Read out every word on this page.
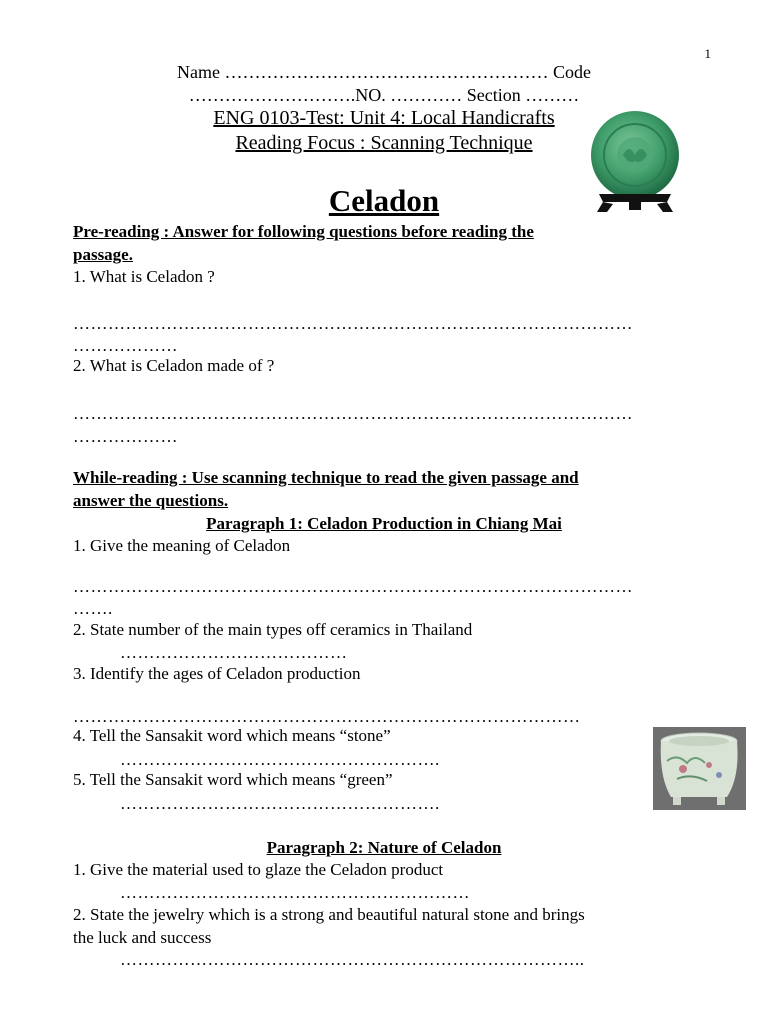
1
Name ……………………………………………… Code
……………………….NO. ………… Section ………
ENG 0103-Test: Unit 4: Local Handicrafts
Reading Focus : Scanning Technique
Celadon
Pre-reading : Answer for following questions before reading the
passage.
1. What is Celadon ?
……………………………………………………………………………………
………………
2. What is Celadon made of ?
……………………………………………………………………………………
………………
While-reading : Use scanning technique to read the given passage and
answer the questions.
Paragraph 1: Celadon Production in Chiang Mai
1. Give the meaning of Celadon
……………………………………………………………………………………
…….
2. State number of the main types off ceramics in Thailand
…………………………………
3. Identify the ages of Celadon production
……………………………………………………………………………
4. Tell the Sansakit word which means “stone”
……………………………………………….
5. Tell the Sansakit word which means “green”
……………………………………………….
Paragraph 2: Nature of Celadon
1. Give the material used to glaze the Celadon product
……………………………………………………
2. State the jewelry which is a strong and beautiful natural stone and brings
the luck and success
……………………………………………………………………..
